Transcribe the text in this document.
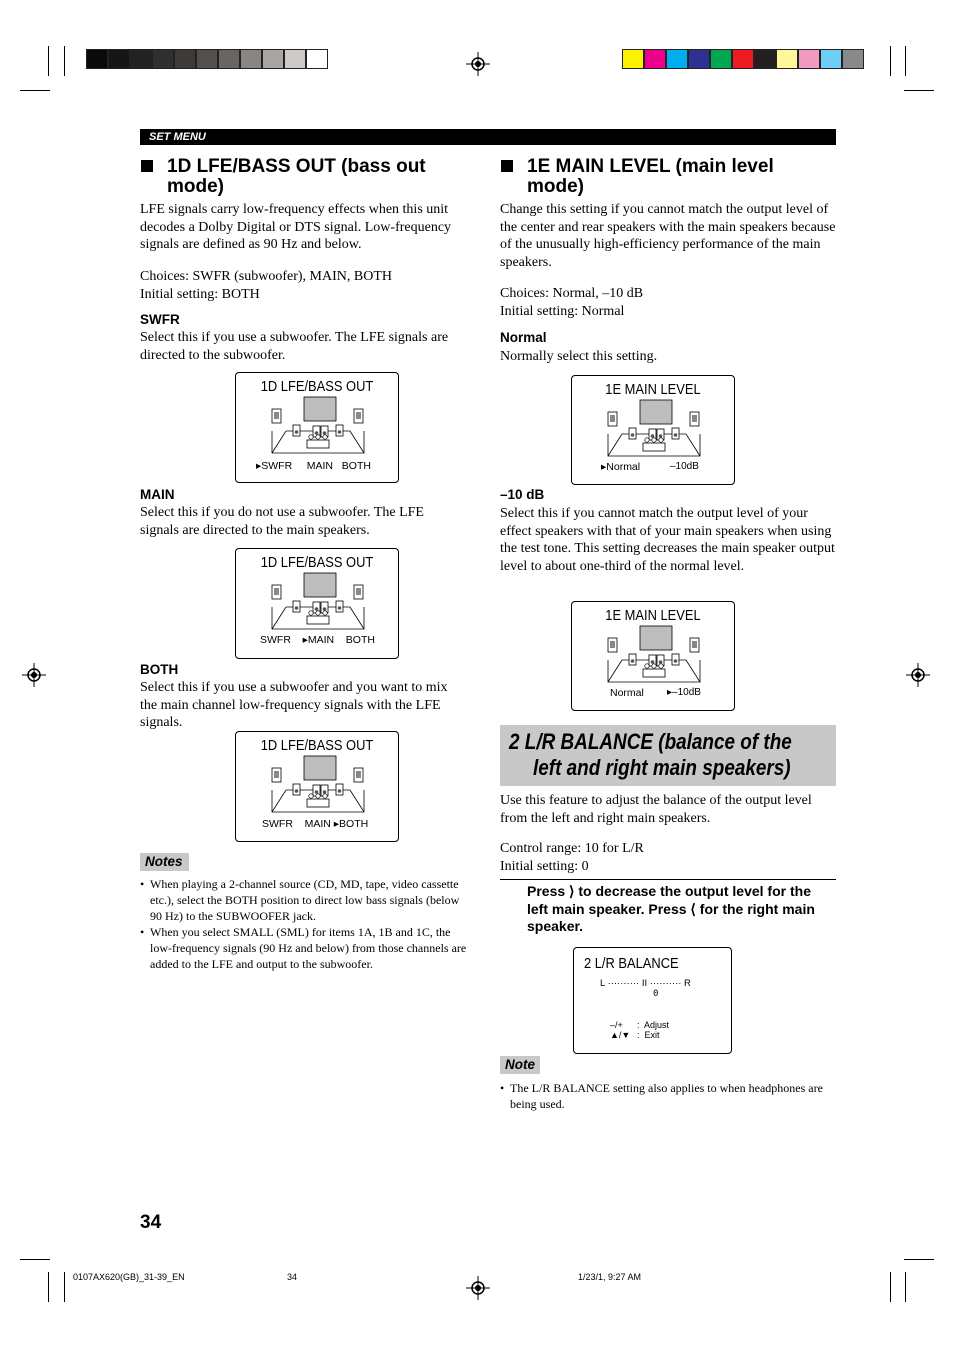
SET MENU
1D LFE/BASS OUT (bass out mode)

LFE signals carry low-frequency effects when this unit decodes a Dolby Digital or DTS signal. Low-frequency signals are defined as 90 Hz and below.

Choices: SWFR (subwoofer), MAIN, BOTH

Initial setting: BOTH

SWFR

Select this if you use a subwoofer. The LFE signals are directed to the subwoofer.

1D LFE/BASS OUT
▸SWFR     MAIN   BOTH
MAIN

Select this if you do not use a subwoofer. The LFE signals are directed to the main speakers.

1D LFE/BASS OUT
SWFR    ▸MAIN    BOTH
BOTH

Select this if you use a subwoofer and you want to mix the main channel low-frequency signals with the LFE signals.

1D LFE/BASS OUT
SWFR    MAIN ▸BOTH
Notes
• When playing a 2-channel source (CD, MD, tape, video cassette etc.), select the BOTH position to direct low bass signals (below 90 Hz) to the SUBWOOFER jack.
• When you select SMALL (SML) for items 1A, 1B and 1C, the low-frequency signals (90 Hz and below) from those channels are added to the LFE and output to the subwoofer.
1E MAIN LEVEL (main level mode)

Change this setting if you cannot match the output level of the center and rear speakers with the main speakers because of the unusually high-efficiency performance of the main speakers.

Choices: Normal, –10 dB

Initial setting: Normal

Normal

Normally select this setting.

1E MAIN LEVEL
▸Normal	–10dB
–10 dB

Select this if you cannot match the output level of your effect speakers with that of your main speakers when using the test tone. This setting decreases the main speaker output level to about one-third of the normal level.

1E MAIN LEVEL
Normal	▸–10dB
2 L/R BALANCE (balance of the
left and right main speakers)

Use this feature to adjust the balance of the output level from the left and right main speakers.

Control range: 10 for L/R

Initial setting: 0

Press ⟩ to decrease the output level for the left main speaker. Press ⟨ for the right main speaker.
2 L/R BALANCE
L ·········· II ·········· R
0
–/+ :  Adjust
▲/▼ :  Exit
Note
• The L/R BALANCE setting also applies to when headphones are being used.
34
0107AX620(GB)_31-39_EN	34	1/23/1, 9:27 AM
